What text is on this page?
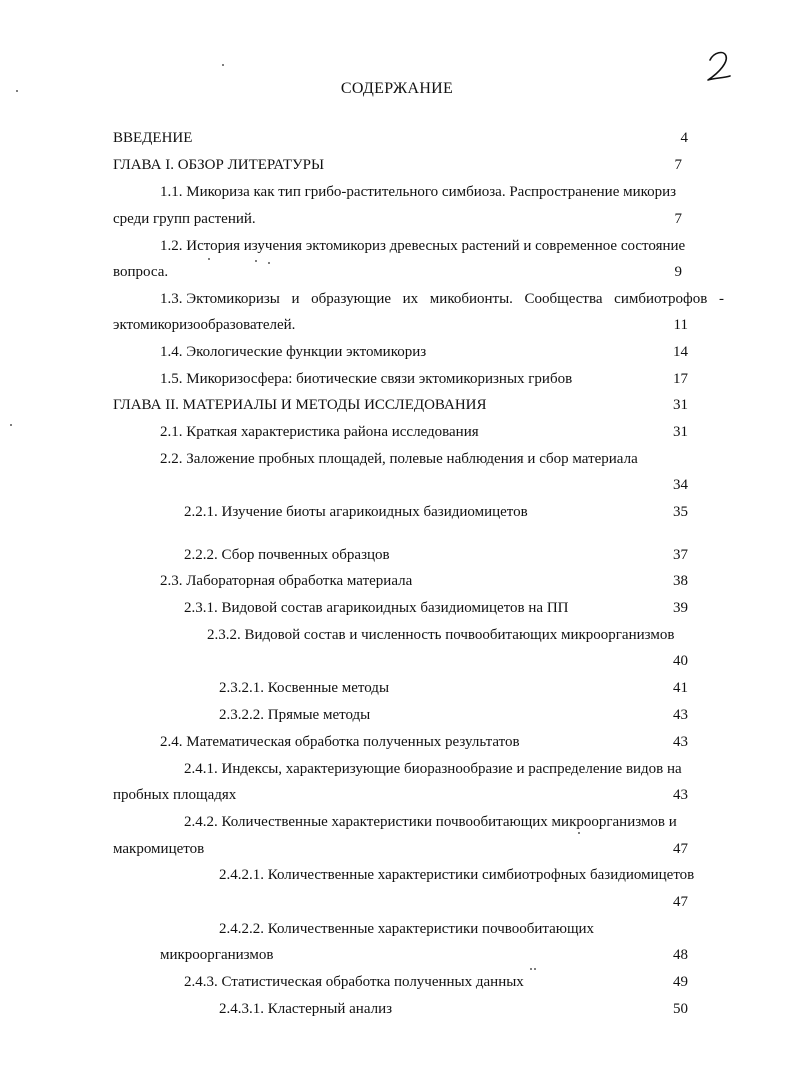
СОДЕРЖАНИЕ
ВВЕДЕНИЕ	4
ГЛАВА I. ОБЗОР ЛИТЕРАТУРЫ	7
1.1. Микориза как тип грибо-растительного симбиоза. Распространение микориз
среди групп растений.	7
1.2. История изучения эктомикориз древесных растений и современное состояние
вопроса.	9
1.3. Эктомикоризы и образующие их микобионты. Сообщества симбиотрофов -
эктомикоризообразователей.	11
1.4. Экологические функции эктомикориз	14
1.5. Микоризосфера: биотические связи эктомикоризных грибов	17
ГЛАВА II. МАТЕРИАЛЫ И МЕТОДЫ ИССЛЕДОВАНИЯ	31
2.1. Краткая характеристика района исследования	31
2.2. Заложение пробных площадей, полевые наблюдения и сбор материала
34
2.2.1. Изучение биоты агарикоидных базидиомицетов	35
2.2.2. Сбор почвенных образцов	37
2.3. Лабораторная обработка материала	38
2.3.1. Видовой состав агарикоидных базидиомицетов на ПП	39
2.3.2. Видовой состав и численность почвообитающих микроорганизмов
40
2.3.2.1. Косвенные методы	41
2.3.2.2. Прямые методы	43
2.4. Математическая обработка полученных результатов	43
2.4.1. Индексы, характеризующие биоразнообразие и распределение видов на
пробных площадях	43
2.4.2. Количественные характеристики почвообитающих микроорганизмов и
макромицетов	47
2.4.2.1. Количественные характеристики симбиотрофных базидиомицетов
47
2.4.2.2. Количественные характеристики почвообитающих
микроорганизмов	48
2.4.3. Статистическая обработка полученных данных	49
2.4.3.1. Кластерный анализ	50
